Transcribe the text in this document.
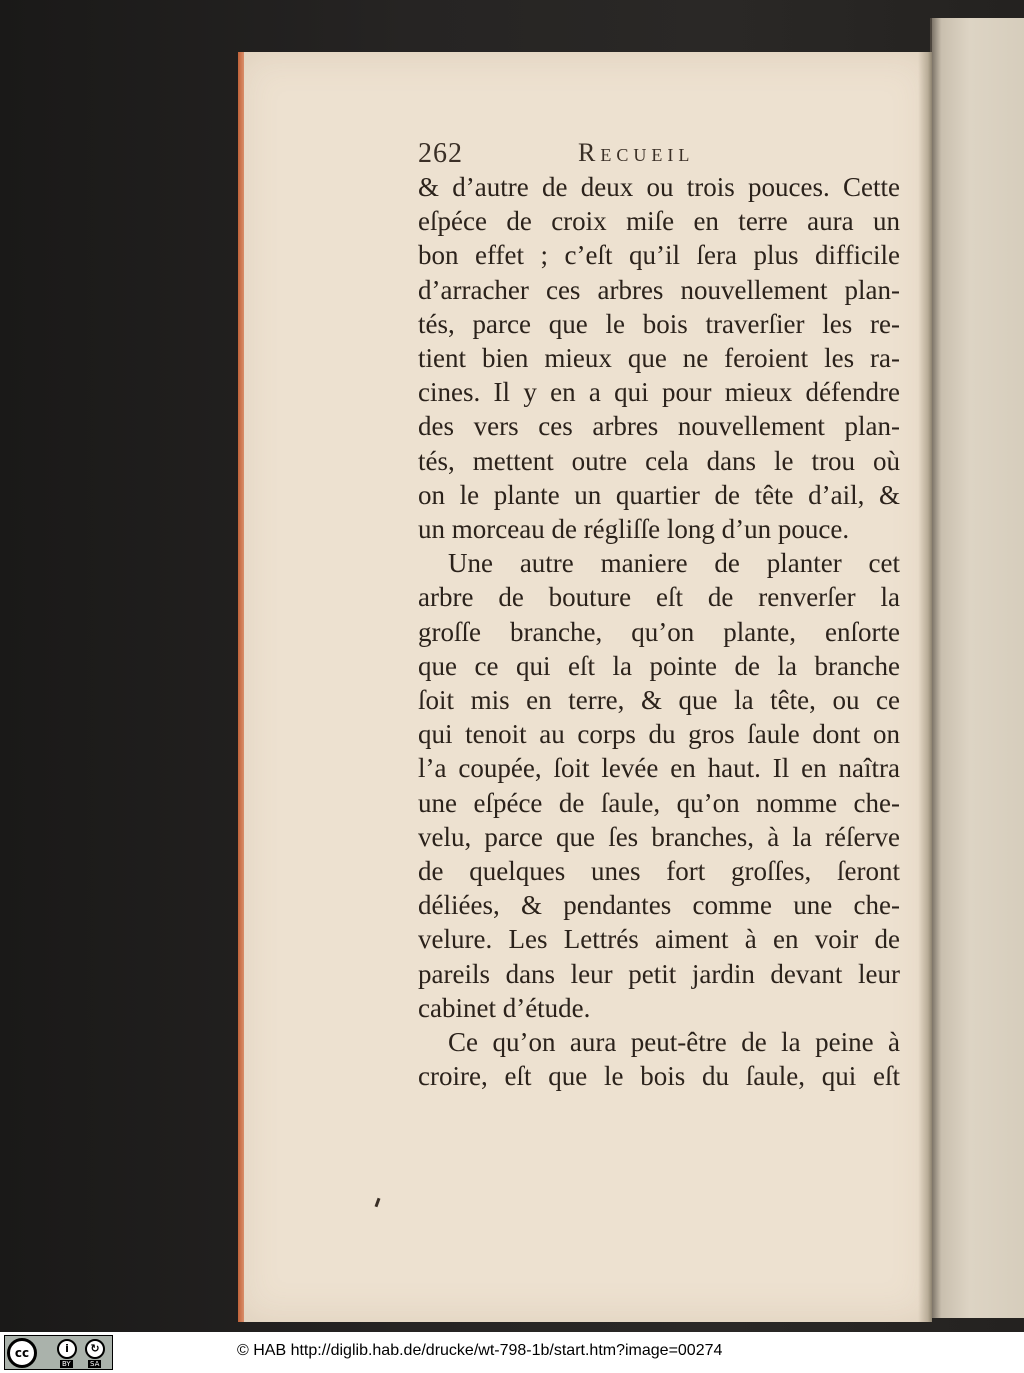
262	Recueil
& d’autre de deux ou trois pouces. Cette
eſpéce de croix miſe en terre aura un
bon effet ; c’eſt qu’il ſera plus difficile
d’arracher ces arbres nouvellement plan-
tés, parce que le bois traverſier les re-
tient bien mieux que ne feroient les ra-
cines. Il y en a qui pour mieux défendre
des vers ces arbres nouvellement plan-
tés, mettent outre cela dans le trou où
on le plante un quartier de tête d’ail, &
un morceau de régliſſe long d’un pouce.
Une autre maniere de planter cet
arbre de bouture eſt de renverſer la
groſſe branche, qu’on plante, enſorte
que ce qui eſt la pointe de la branche
ſoit mis en terre, & que la tête, ou ce
qui tenoit au corps du gros ſaule dont on
l’a coupée, ſoit levée en haut. Il en naîtra
une eſpéce de ſaule, qu’on nomme che-
velu, parce que ſes branches, à la réſerve
de quelques unes fort groſſes, ſeront
déliées, & pendantes comme une che-
velure. Les Lettrés aiment à en voir de
pareils dans leur petit jardin devant leur
cabinet d’étude.
Ce qu’on aura peut-être de la peine à
croire, eſt que le bois du ſaule, qui eſt
cc	i	↻
BY	SA
© HAB http://diglib.hab.de/drucke/wt-798-1b/start.htm?image=00274
